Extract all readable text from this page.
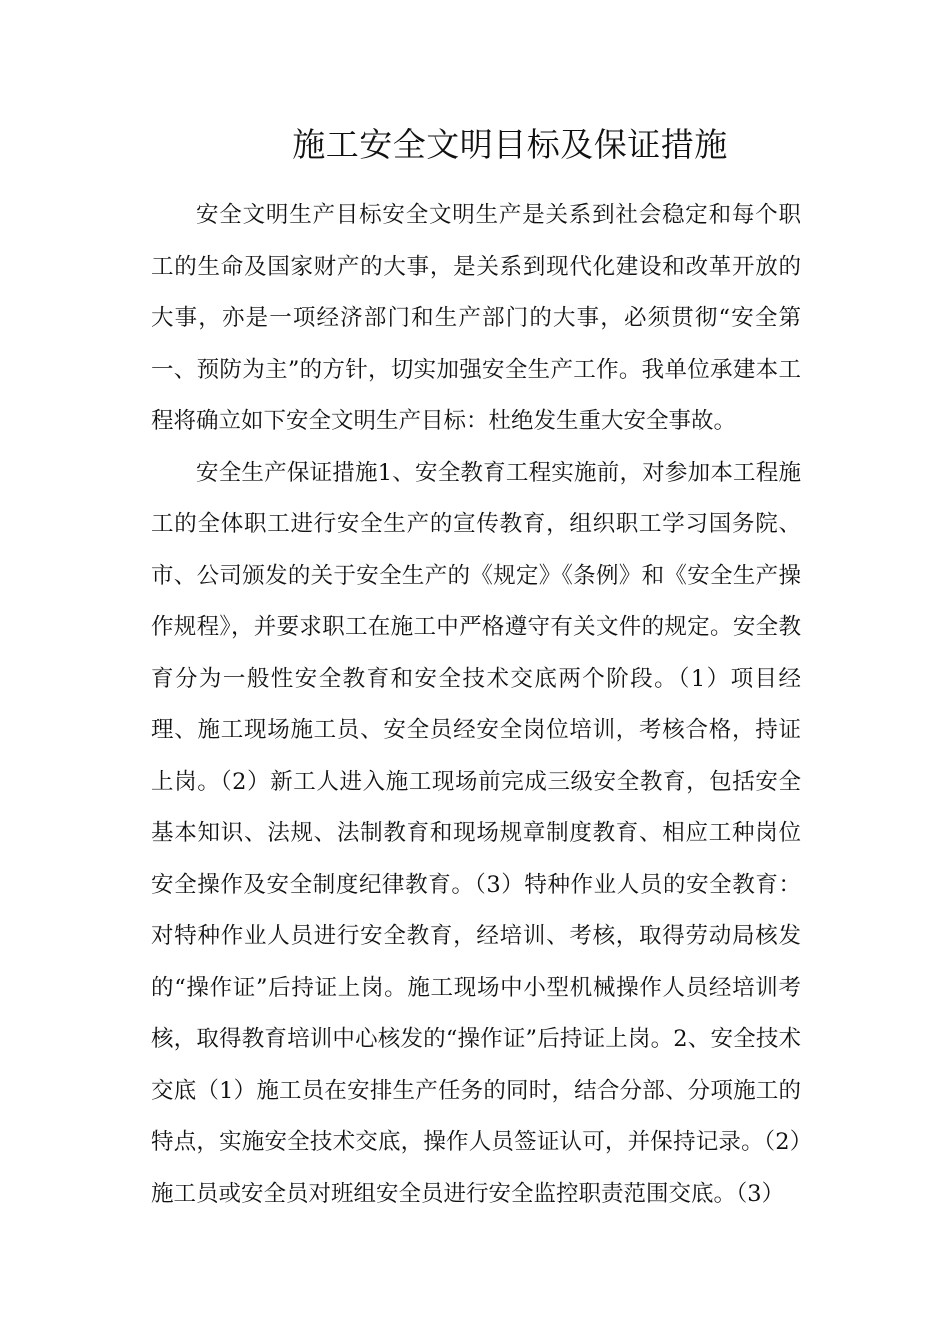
施工安全文明目标及保证措施

安全文明生产目标安全文明生产是关系到社会稳定和每个职工的生命及国家财产的大事，是关系到现代化建设和改革开放的大事，亦是一项经济部门和生产部门的大事，必须贯彻“安全第一、预防为主”的方针，切实加强安全生产工作。我单位承建本工程将确立如下安全文明生产目标：杜绝发生重大安全事故。

安全生产保证措施1、安全教育工程实施前，对参加本工程施工的全体职工进行安全生产的宣传教育，组织职工学习国务院、市、公司颁发的关于安全生产的《规定》《条例》和《安全生产操作规程》，并要求职工在施工中严格遵守有关文件的规定。安全教育分为一般性安全教育和安全技术交底两个阶段。（1）项目经理、施工现场施工员、安全员经安全岗位培训，考核合格，持证上岗。（2）新工人进入施工现场前完成三级安全教育，包括安全基本知识、法规、法制教育和现场规章制度教育、相应工种岗位安全操作及安全制度纪律教育。（3）特种作业人员的安全教育：对特种作业人员进行安全教育，经培训、考核，取得劳动局核发的“操作证”后持证上岗。施工现场中小型机械操作人员经培训考核，取得教育培训中心核发的“操作证”后持证上岗。2、安全技术交底（1）施工员在安排生产任务的同时，结合分部、分项施工的特点，实施安全技术交底，操作人员签证认可，并保持记录。（2）施工员或安全员对班组安全员进行安全监控职责范围交底。（3）
